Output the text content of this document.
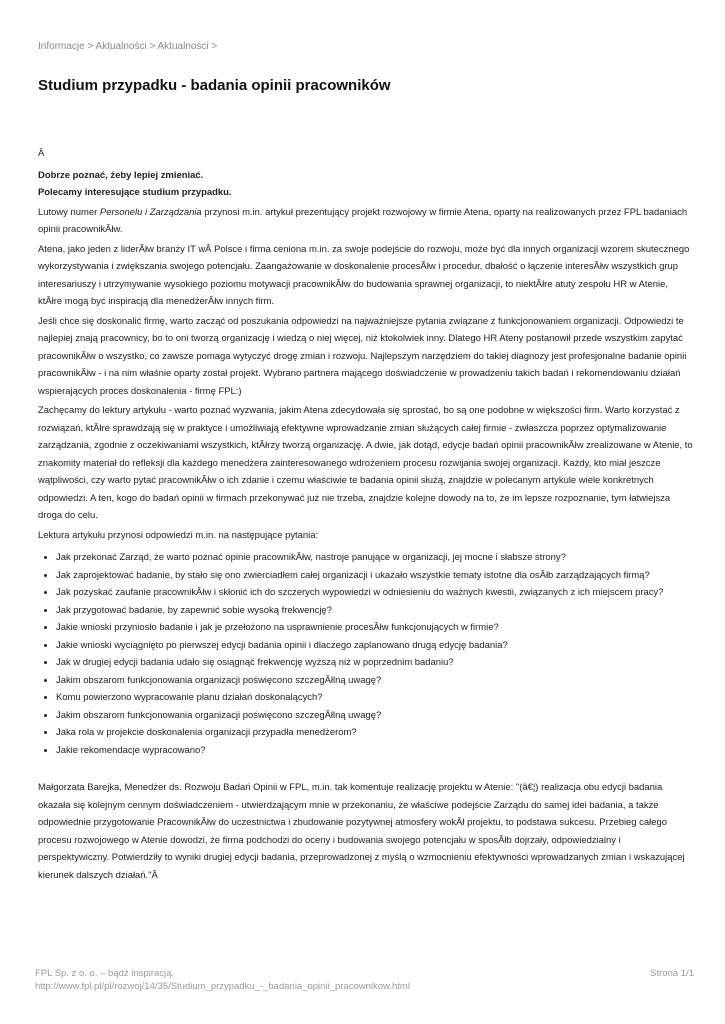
Informacje > Aktualności > Aktualności >
Studium przypadku - badania opinii pracowników

Â

Dobrze poznać, żeby lepiej zmieniać.

Polecamy interesujące studium przypadku.

Lutowy numer Personelu i Zarządzania przynosi m.in. artykuł prezentujący projekt rozwojowy w firmie Atena, oparty na realizowanych przez FPL badaniach opinii pracownikĂłw.

Atena, jako jeden z liderĂłw branży IT wÂ Polsce i firma ceniona m.in. za swoje podejście do rozwoju, może być dla innych organizacji wzorem skutecznego wykorzystywania i zwiększania swojego potencjału. Zaangażowanie w doskonalenie procesĂłw i procedur, dbałość o łączenie interesĂłw wszystkich grup interesariuszy i utrzymywanie wysokiego poziomu motywacji pracownikĂłw do budowania sprawnej organizacji, to niektĂłre atuty zespołu HR w Atenie, ktĂłre mogą być inspiracją dla menedżerĂłw innych firm.

Jeśli chce się doskonalić firmę, warto zacząć od poszukania odpowiedzi na najważniejsze pytania związane z funkcjonowaniem organizacji. Odpowiedzi te najlepiej znają pracownicy, bo to oni tworzą organizację i wiedzą o niej więcej, niż ktokolwiek inny. Dlatego HR Ateny postanowił przede wszystkim zapytać pracownikĂłw o wszystko, co zawsze pomaga wytyczyć drogę zmian i rozwoju. Najlepszym narzędziem do takiej diagnozy jest profesjonalne badanie opinii pracownikĂłw - i na nim właśnie oparty został projekt. Wybrano partnera mającego doświadczenie w prowadzeniu takich badań i rekomendowaniu działań wspierających proces doskonalenia - firmę FPL:)

Zachęcamy do lektury artykułu - warto poznać wyzwania, jakim Atena zdecydowała się sprostać, bo są one podobne w większości firm. Warto korzystać z rozwiązań, ktĂłre sprawdzają się w praktyce i umożliwiają efektywne wprowadzanie zmian służących całej firmie - zwłaszcza poprzez optymalizowanie zarządzania, zgodnie z oczekiwaniami wszystkich, ktĂłrzy tworzą organizację. A dwie, jak dotąd, edycje badań opinii pracownikĂłw zrealizowane w Atenie, to znakomity materiał do refleksji dla każdego menedżera zainteresowanego wdrożeniem procesu rozwijania swojej organizacji. Każdy, kto miał jeszcze wątpliwości, czy warto pytać pracownikĂłw o ich zdanie i czemu właściwie te badania opinii służą, znajdzie w polecanym artykule wiele konkretnych odpowiedzi. A ten, kogo do badań opinii w firmach przekonywać już nie trzeba, znajdzie kolejne dowody na to, że im lepsze rozpoznanie, tym łatwiejsza droga do celu.

Lektura artykułu przynosi odpowiedzi m.in. na następujące pytania:

• Jak przekonać Zarząd, że warto poznać opinie pracownikĂłw, nastroje panujące w organizacji, jej mocne i słabsze strony?
• Jak zaprojektować badanie, by stało się ono zwierciadłem całej organizacji i ukazało wszystkie tematy istotne dla osĂłb zarządzających firmą?
• Jak pozyskać zaufanie pracownikĂłw i skłonić ich do szczerych wypowiedzi w odniesieniu do ważnych kwestii, związanych z ich miejscem pracy?
• Jak przygotować badanie, by zapewnić sobie wysoką frekwencję?
• Jakie wnioski przyniosło badanie i jak je przełożono na usprawnienie procesĂłw funkcjonujących w firmie?
• Jakie wnioski wyciągnięto po pierwszej edycji badania opinii i dlaczego zaplanowano drugą edycję badania?
• Jak w drugiej edycji badania udało się osiągnąć frekwencję wyższą niż w poprzednim badaniu?
• Jakim obszarom funkcjonowania organizacji poświęcono szczegĂłlną uwagę?
• Komu powierzono wypracowanie planu działań doskonalących?
• Jakim obszarom funkcjonowania organizacji poświęcono szczegĂłlną uwagę?
• Jaka rola w projekcie doskonalenia organizacji przypadła menedżerom?
• Jakie rekomendacje wypracowano?

Małgorzata Barejka, Menedżer ds. Rozwoju Badań Opinii w FPL, m.in. tak komentuje realizację projektu w Atenie: "(â€¦) realizacja obu edycji badania okazała się kolejnym cennym doświadczeniem - utwierdzającym mnie w przekonaniu, że właściwe podejście Zarządu do samej idei badania, a także odpowiednie przygotowanie PracownikĂłw do uczestnictwa i zbudowanie pozytywnej atmosfery wokĂł projektu, to podstawa sukcesu. Przebieg całego procesu rozwojowego w Atenie dowodzi, że firma podchodzi do oceny i budowania swojego potencjału w sposĂłb dojrzały, odpowiedzialny i perspektywiczny. Potwierdziły to wyniki drugiej edycji badania, przeprowadzonej z myślą o wzmocnieniu efektywności wprowadzanych zmian i wskazującej kierunek dalszych działań."Â

FPL Sp. z o. o. – bądź inspiracją.
http://www.fpl.pl/pl/rozwoj/14/35/Studium_przypadku_-_badania_opinii_pracownikow.html
Strona 1/1
